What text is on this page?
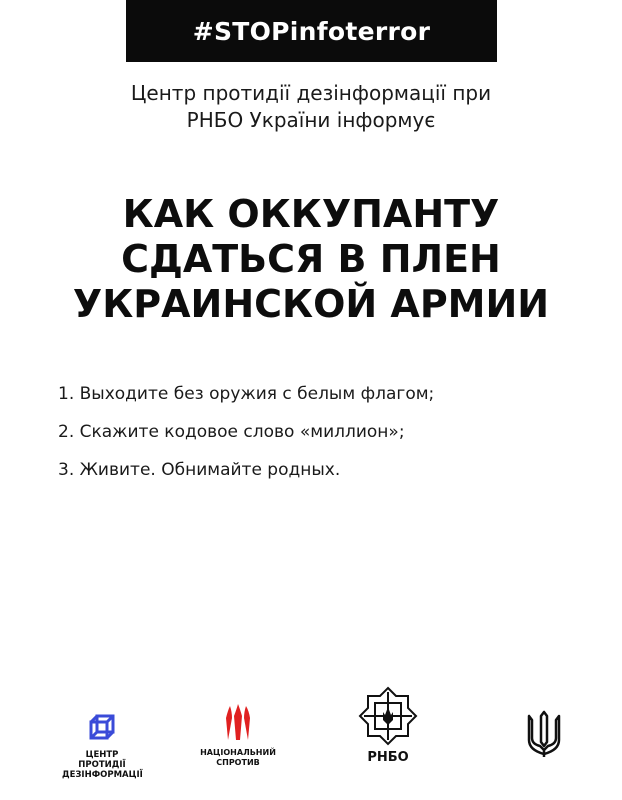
#STOPinfoterror
Центр протидії дезінформації при
РНБО України інформує
КАК ОККУПАНТУ
СДАТЬСЯ В ПЛЕН
УКРАИНСКОЙ АРМИИ
1. Выходите без оружия с белым флагом;
2. Скажите кодовое слово «миллион»;
3. Живите. Обнимайте родных.
ЦЕНТР ПРОТИДІЇ
ДЕЗІНФОРМАЦІЇ
НАЦІОНАЛЬНИЙ
СПРОТИВ	РНБО
